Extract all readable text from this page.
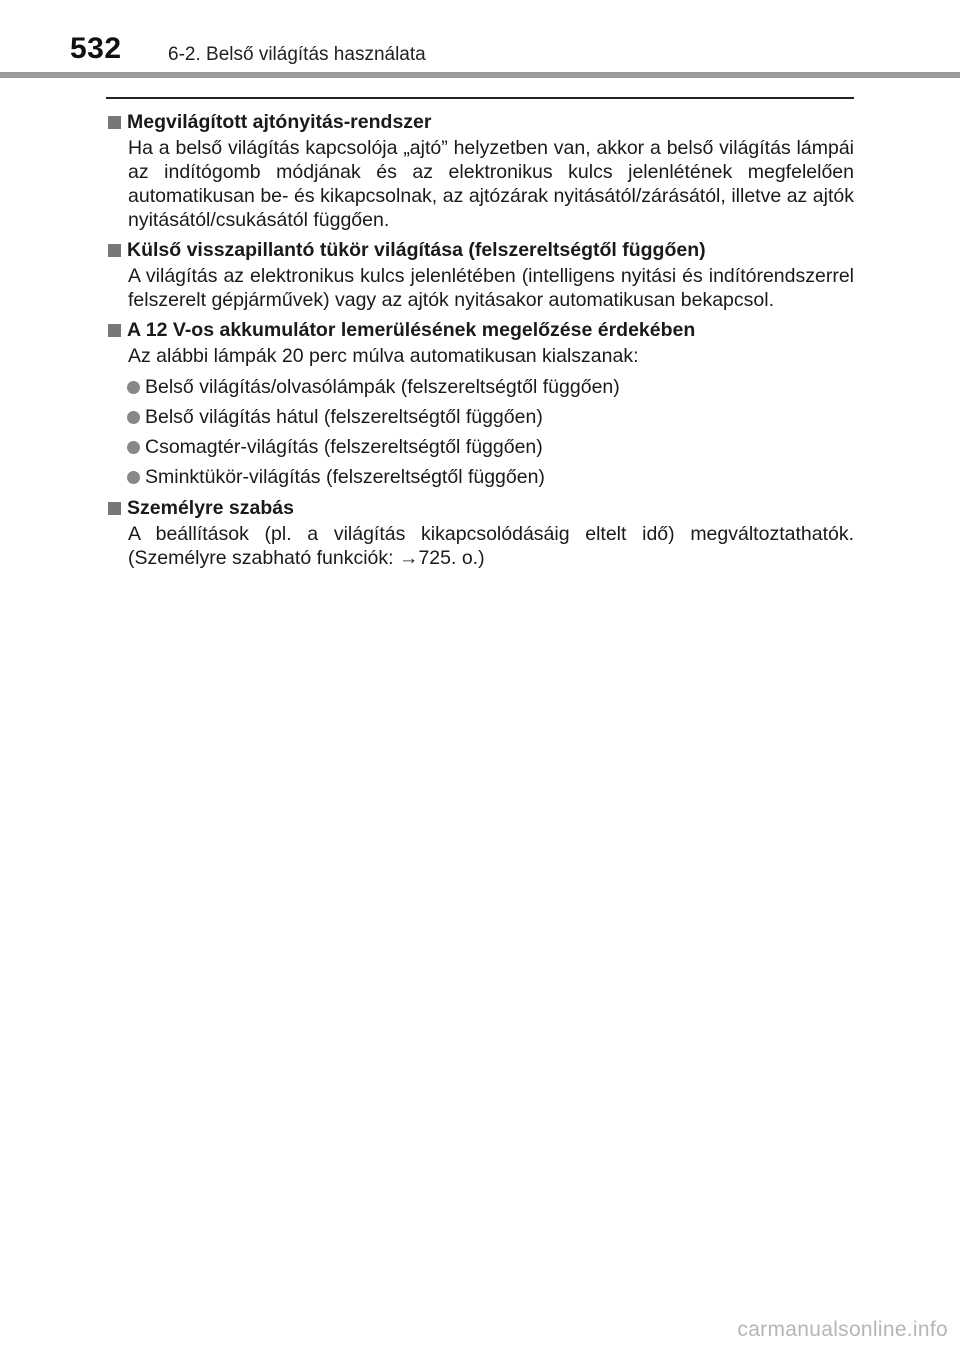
532 6-2. Belső világítás használata
Megvilágított ajtónyitás-rendszer
Ha a belső világítás kapcsolója „ajtó” helyzetben van, akkor a belső világítás lámpái az indítógomb módjának és az elektronikus kulcs jelenlétének megfelelően automatikusan be- és kikapcsolnak, az ajtózárak nyitásától/zárásától, illetve az ajtók nyitásától/csukásától függően.
Külső visszapillantó tükör világítása (felszereltségtől függően)
A világítás az elektronikus kulcs jelenlétében (intelligens nyitási és indítórendszerrel felszerelt gépjárművek) vagy az ajtók nyitásakor automatikusan bekapcsol.
A 12 V-os akkumulátor lemerülésének megelőzése érdekében
Az alábbi lámpák 20 perc múlva automatikusan kialszanak:
Belső világítás/olvasólámpák (felszereltségtől függően)
Belső világítás hátul (felszereltségtől függően)
Csomagtér-világítás (felszereltségtől függően)
Sminktükör-világítás (felszereltségtől függően)
Személyre szabás
A beállítások (pl. a világítás kikapcsolódásáig eltelt idő) megváltoztathatók. (Személyre szabható funkciók: →725. o.)
carmanualsonline.info
